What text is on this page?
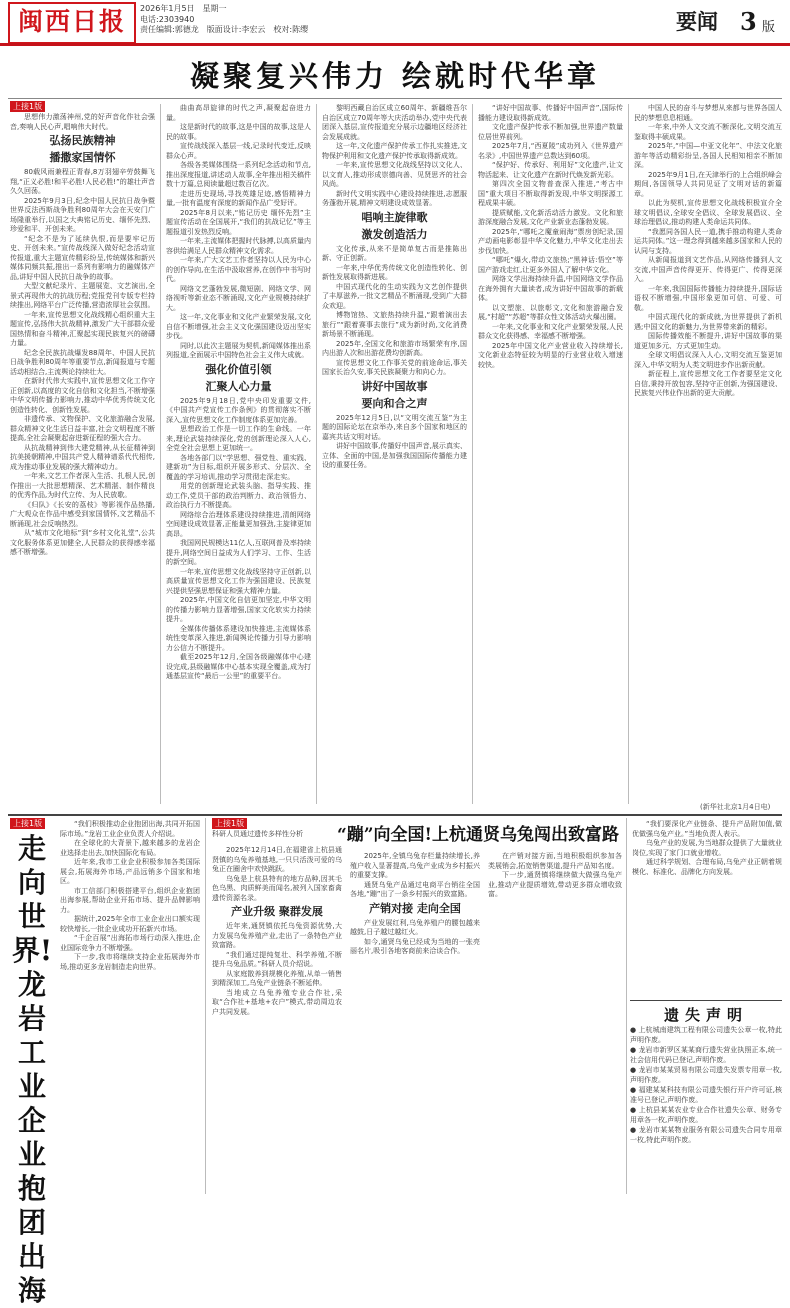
闽西日报	2026年1月5日 星期一
电话:2303940
责任编辑:郭德龙 版面设计:李宏云 校对:陈缨	要闻 3 版
凝聚复兴伟力 绘就时代华章
上接1版

思想伟力激荡神州,党的好声音化作社会强音,奏响人民心声,唱响伟大时代。

弘扬民族精神
播撒家国情怀

80载风雨兼程正青春,8万羽翅辛劳鼓舞飞翔,“正义必胜!和平必胜!人民必胜!”的雄壮声音久久回荡。

2025年9月3日,纪念中国人民抗日战争暨世界反法西斯战争胜利80周年大会在天安门广场隆重举行,以国之大典铭记历史、缅怀先烈、珍爱和平、开创未来。

“纪念不是为了延续仇恨,而是要牢记历史、开创未来。”宣传战线深入做好纪念活动宣传报道,重大主题宣传精彩纷呈,传统媒体和新兴媒体同频共振,推出一系列有影响力的融媒体产品,讲好中国人民抗日战争的故事。

大型文献纪录片、主题展览、文艺演出,全景式再现伟大的抗战历程;党报党刊专版专栏持续推出,网络平台广泛传播,营造浓厚社会氛围。

一年来,宣传思想文化战线精心组织重大主题宣传,弘扬伟大抗战精神,激发广大干部群众爱国热情和奋斗精神,汇聚起实现民族复兴的磅礴力量。

纪念全民族抗战爆发88周年、中国人民抗日战争胜利80周年等重要节点,新闻报道与专题活动相结合,主流舆论持续壮大。

在新时代伟大实践中,宣传思想文化工作守正创新,以高度的文化自信和文化担当,不断增强中华文明传播力影响力,推动中华优秀传统文化创造性转化、创新性发展。

非遗传承、文物保护、文化旅游融合发展,群众精神文化生活日益丰富,社会文明程度不断提高,全社会凝聚起奋进新征程的强大合力。

从抗战精神到伟大建党精神,从长征精神到抗美援朝精神,中国共产党人精神谱系代代相传,成为推动事业发展的强大精神动力。

一年来,文艺工作者深入生活、扎根人民,创作推出一大批思想精深、艺术精湛、制作精良的优秀作品,为时代立传、为人民放歌。

《归队》《长安的荔枝》等影视作品热播,广大观众在作品中感受到家国情怀,文艺精品不断涌现,社会反响热烈。

从“城市文化地标”到“乡村文化礼堂”,公共文化服务体系更加健全,人民群众的获得感幸福感不断增强。

曲曲高昂旋律的时代之声,凝聚起奋进力量。

这是新时代的故事,这是中国的故事,这是人民的故事。

宣传战线深入基层一线,记录时代变迁,反映群众心声。

各级各类媒体围绕一系列纪念活动和节点,推出深度报道,讲述动人故事,全年推出相关稿件数十万篇,总阅读量超过数百亿次。

走进历史现场,寻找英雄足迹,感悟精神力量,一批有温度有深度的新闻作品广受好评。

2025年8月以来,“铭记历史 缅怀先烈”主题宣传活动在全国展开,“我们的抗战记忆”等主题报道引发热烈反响。

一年来,主流媒体把握时代脉搏,以高质量内容供给满足人民群众精神文化需求。

一年来,广大文艺工作者坚持以人民为中心的创作导向,在生活中汲取营养,在创作中书写时代。

网络文艺蓬勃发展,微短剧、网络文学、网络视听等新业态不断涌现,文化产业规模持续扩大。

这一年,文化事业和文化产业繁荣发展,文化自信不断增强,社会主义文化强国建设迈出坚实步伐。

同时,以此次主题展为契机,新闻媒体推出系列报道,全面展示中国特色社会主义伟大成就。

强化价值引领
汇聚人心力量

2025年9月18日,党中央印发重要文件,《中国共产党宣传工作条例》的贯彻落实不断深入,宣传思想文化工作制度体系更加完善。

思想政治工作是一切工作的生命线。一年来,理论武装持续深化,党的创新理论深入人心,全党全社会思想上更加统一。

各地各部门以“学思想、强党性、重实践、建新功”为目标,组织开展多形式、分层次、全覆盖的学习培训,推动学习贯彻走深走实。

用党的创新理论武装头脑、指导实践、推动工作,党员干部的政治判断力、政治领悟力、政治执行力不断提高。

网络综合治理体系建设持续推进,清朗网络空间建设成效显著,正能量更加强劲,主旋律更加高昂。

我国网民规模达11亿人,互联网普及率持续提升,网络空间日益成为人们学习、工作、生活的新空间。

一年来,宣传思想文化战线坚持守正创新,以高质量宣传思想文化工作为强国建设、民族复兴提供坚强思想保证和强大精神力量。

2025年,中国文化自信更加坚定,中华文明的传播力影响力显著增强,国家文化软实力持续提升。

全媒体传播体系建设加快推进,主流媒体系统性变革深入推进,新闻舆论传播力引导力影响力公信力不断提升。

截至2025年12月,全国各级融媒体中心建设完成,县级融媒体中心基本实现全覆盖,成为打通基层宣传“最后一公里”的重要平台。

黎明西藏自治区成立60周年、新疆维吾尔自治区成立70周年等大庆活动举办,党中央代表团深入基层,宣传报道充分展示边疆地区经济社会发展成就。

这一年,文化遗产保护传承工作扎实推进,文物保护利用和文化遗产保护传承取得新成效。

一年来,宣传思想文化战线坚持以文化人、以文育人,推动形成崇德向善、见贤思齐的社会风尚。

新时代文明实践中心建设持续推进,志愿服务蓬勃开展,精神文明建设成效显著。

唱响主旋律歌
激发创造活力

文化传承,从来不是简单复古而是推陈出新、守正创新。

一年来,中华优秀传统文化创造性转化、创新性发展取得新进展。

中国式现代化的生动实践为文艺创作提供了丰厚滋养,一批文艺精品不断涌现,受到广大群众欢迎。

博物馆热、文旅热持续升温,“跟着演出去旅行”“跟着赛事去旅行”成为新时尚,文化消费新场景不断涌现。

2025年,全国文化和旅游市场繁荣有序,国内出游人次和出游花费均创新高。

宣传思想文化工作事关党的前途命运,事关国家长治久安,事关民族凝聚力和向心力。

讲好中国故事
要向和合之声

2025年12月5日,以“文明交流互鉴”为主题的国际论坛在京举办,来自多个国家和地区的嘉宾共话文明对话。

讲好中国故事,传播好中国声音,展示真实、立体、全面的中国,是加强我国国际传播能力建设的重要任务。

“讲好中国故事、传播好中国声音”,国际传播能力建设取得新成效。

文化遗产保护传承不断加强,世界遗产数量位居世界前列。

2025年7月,“西夏陵”成功列入《世界遗产名录》,中国世界遗产总数达到60项。

“保护好、传承好、利用好”文化遗产,让文物活起来、让文化遗产在新时代焕发新光彩。

第四次全国文物普查深入推进,“考古中国”重大项目不断取得新发现,中华文明探源工程成果丰硕。

提质赋能,文化新活动活力激发。文化和旅游深度融合发展,文化产业新业态蓬勃发展。

2025年,“哪吒之魔童闹海”票房创纪录,国产动画电影彰显中华文化魅力,中华文化走出去步伐加快。

“哪吒”爆火,带动文旅热;“黑神话:悟空”等国产游戏走红,让更多外国人了解中华文化。

网络文学出海持续升温,中国网络文学作品在海外拥有大量读者,成为讲好中国故事的新载体。

以文塑旅、以旅彰文,文化和旅游融合发展,“村超”“苏超”等群众性文体活动火爆出圈。

一年来,文化事业和文化产业繁荣发展,人民群众文化获得感、幸福感不断增强。

2025年中国文化产业营业收入持续增长,文化新业态特征较为明显的行业营业收入增速较快。

中国人民的奋斗与梦想从来都与世界各国人民的梦想息息相通。

一年来,中外人文交流不断深化,文明交流互鉴取得丰硕成果。

2025年,“中国—中亚文化年”、中法文化旅游年等活动精彩纷呈,各国人民相知相亲不断加深。

2025年9月1日,在天津举行的上合组织峰会期间,各国领导人共同见证了文明对话的新篇章。

以此为契机,宣传思想文化战线积极宣介全球文明倡议,全球安全倡议、全球发展倡议、全球治理倡议,推动构建人类命运共同体。

“我愿同各国人民一道,携手推动构建人类命运共同体。”这一理念得到越来越多国家和人民的认同与支持。

从新闻报道到文艺作品,从网络传播到人文交流,中国声音传得更开、传得更广、传得更深入。

一年来,我国国际传播能力持续提升,国际话语权不断增强,中国形象更加可信、可爱、可敬。

中国式现代化的新成就,为世界提供了新机遇;中国文化的新魅力,为世界带来新的精彩。

国际传播效能不断提升,讲好中国故事的渠道更加多元、方式更加生动。

全球文明倡议深入人心,文明交流互鉴更加深入,中华文明为人类文明进步作出新贡献。

新征程上,宣传思想文化工作者要坚定文化自信,秉持开放包容,坚持守正创新,为强国建设、民族复兴伟业作出新的更大贡献。

(新华社北京1月4日电)
上接1版
走向世界!龙岩工业企业抱团出海

“我们积极推动企业抱团出海,共同开拓国际市场。”龙岩工业企业负责人介绍说。

在全球化的大背景下,越来越多的龙岩企业选择走出去,加快国际化布局。

近年来,我市工业企业积极参加各类国际展会,拓展海外市场,产品远销多个国家和地区。

市工信部门积极搭建平台,组织企业抱团出海参展,帮助企业开拓市场、提升品牌影响力。

据统计,2025年全市工业企业出口额实现较快增长,一批企业成功开拓新兴市场。

“千企百展”出海拓市场行动深入推进,企业国际竞争力不断增强。

下一步,我市将继续支持企业拓展海外市场,推动更多龙岩制造走向世界。

上接1版
科研人员通过遗传多样性分析	“蹦”向全国!上杭通贤乌兔闯出致富路

2025年12月14日,在福建省上杭县通贤镇的乌兔养殖基地,一只只活泼可爱的乌兔正在圈舍中欢快跳跃。

乌兔是上杭县特有的地方品种,因其毛色乌黑、肉质鲜美而闻名,被列入国家畜禽遗传资源名录。

产业升级 聚群发展

近年来,通贤镇依托乌兔资源优势,大力发展乌兔养殖产业,走出了一条特色产业致富路。

“我们通过提纯复壮、科学养殖,不断提升乌兔品质。”科研人员介绍说。

从家庭散养到规模化养殖,从单一销售到精深加工,乌兔产业链条不断延伸。

当地成立乌兔养殖专业合作社,采取“合作社+基地+农户”模式,带动周边农户共同发展。

2025年,全镇乌兔存栏量持续增长,养殖户收入显著提高,乌兔产业成为乡村振兴的重要支撑。

通贤乌兔产品通过电商平台销往全国各地,“蹦”出了一条乡村振兴的致富路。

产销对接 走向全国

产业发展红利,乌兔养殖户的腰包越来越鼓,日子越过越红火。

如今,通贤乌兔已经成为当地的一张亮丽名片,吸引各地客商前来洽谈合作。

在产销对接方面,当地积极组织参加各类展销会,拓宽销售渠道,提升产品知名度。

下一步,通贤镇将继续做大做强乌兔产业,推动产业提质增效,带动更多群众增收致富。

“我们要深化产业链条、提升产品附加值,做优做强乌兔产业。”当地负责人表示。

乌兔产业的发展,为当地群众提供了大量就业岗位,实现了家门口就业增收。

通过科学规划、合理布局,乌兔产业正朝着规模化、标准化、品牌化方向发展。

遗失声明

● 上杭城南建筑工程有限公司遗失公章一枚,特此声明作废。

● 龙岩市新罗区某某商行遗失营业执照正本,统一社会信用代码已登记,声明作废。

● 龙岩市某某贸易有限公司遗失发票专用章一枚,声明作废。

● 福建某某科技有限公司遗失银行开户许可证,核准号已登记,声明作废。

● 上杭县某某农业专业合作社遗失公章、财务专用章各一枚,声明作废。

● 龙岩市某某物业服务有限公司遗失合同专用章一枚,特此声明作废。
